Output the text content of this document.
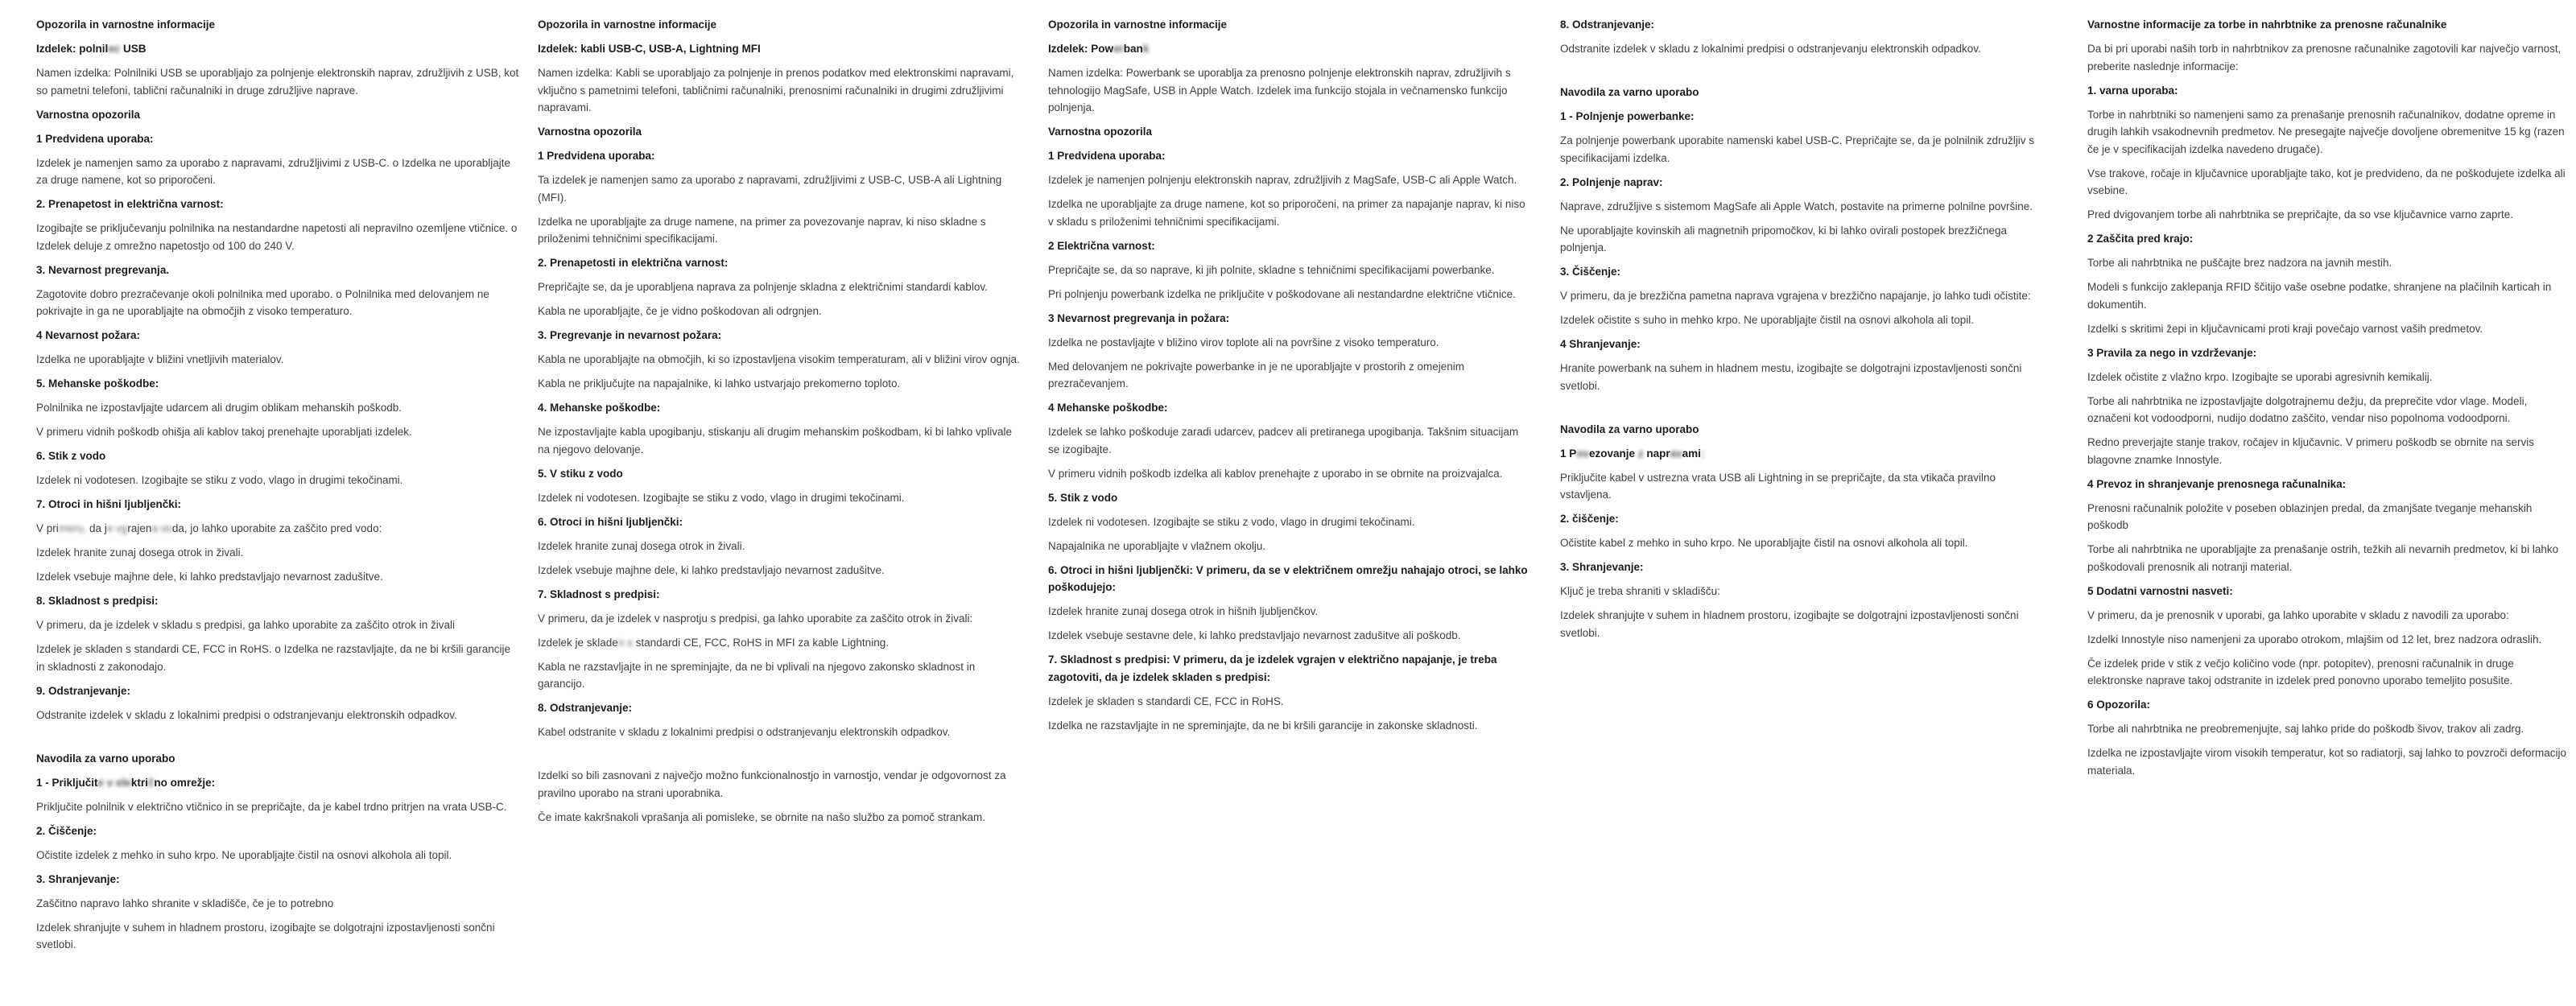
Opozorila in varnostne informacije
Izdelek: polnilec USB

Namen izdelka: Polnilniki USB se uporabljajo za polnjenje elektronskih naprav, združljivih z USB, kot so pametni telefoni, tablični računalniki in druge združljive naprave.

Varnostna opozorila
1 Predvidena uporaba:

Izdelek je namenjen samo za uporabo z napravami, združljivimi z USB-C. o Izdelka ne uporabljajte za druge namene, kot so priporočeni.

2. Prenapetost in električna varnost:

Izogibajte se priključevanju polnilnika na nestandardne napetosti ali nepravilno ozemljene vtičnice. o Izdelek deluje z omrežno napetostjo od 100 do 240 V.

3. Nevarnost pregrevanja.

Zagotovite dobro prezračevanje okoli polnilnika med uporabo. o Polnilnika med delovanjem ne pokrivajte in ga ne uporabljajte na območjih z visoko temperaturo.

4 Nevarnost požara:

Izdelka ne uporabljajte v bližini vnetljivih materialov.

5. Mehanske poškodbe:

Polnilnika ne izpostavljajte udarcem ali drugim oblikam mehanskih poškodb.

V primeru vidnih poškodb ohišja ali kablov takoj prenehajte uporabljati izdelek.

6. Stik z vodo

Izdelek ni vodotesen. Izogibajte se stiku z vodo, vlago in drugimi tekočinami.

7. Otroci in hišni ljubljenčki:

V primeru, da je vgrajena voda, jo lahko uporabite za zaščito pred vodo:

Izdelek hranite zunaj dosega otrok in živali.

Izdelek vsebuje majhne dele, ki lahko predstavljajo nevarnost zadušitve.

8. Skladnost s predpisi:

V primeru, da je izdelek v skladu s predpisi, ga lahko uporabite za zaščito otrok in živali

Izdelek je skladen s standardi CE, FCC in RoHS. o Izdelka ne razstavljajte, da ne bi kršili garancije in skladnosti z zakonodajo.

9. Odstranjevanje:

Odstranite izdelek v skladu z lokalnimi predpisi o odstranjevanju elektronskih odpadkov.

Navodila za varno uporabo
1 - Priključite v električno omrežje:

Priključite polnilnik v električno vtičnico in se prepričajte, da je kabel trdno pritrjen na vrata USB-C.

2. Čiščenje:

Očistite izdelek z mehko in suho krpo. Ne uporabljajte čistil na osnovi alkohola ali topil.

3. Shranjevanje:

Zaščitno napravo lahko shranite v skladišče, če je to potrebno

Izdelek shranjujte v suhem in hladnem prostoru, izogibajte se dolgotrajni izpostavljenosti sončni svetlobi.

Opozorila in varnostne informacije
Izdelek: kabli USB-C, USB-A, Lightning MFI

Namen izdelka: Kabli se uporabljajo za polnjenje in prenos podatkov med elektronskimi napravami, vključno s pametnimi telefoni, tabličnimi računalniki, prenosnimi računalniki in drugimi združljivimi napravami.

Varnostna opozorila
1 Predvidena uporaba:

Ta izdelek je namenjen samo za uporabo z napravami, združljivimi z USB-C, USB-A ali Lightning (MFI).

Izdelka ne uporabljajte za druge namene, na primer za povezovanje naprav, ki niso skladne s priloženimi tehničnimi specifikacijami.

2. Prenapetosti in električna varnost:

Prepričajte se, da je uporabljena naprava za polnjenje skladna z električnimi standardi kablov.

Kabla ne uporabljajte, če je vidno poškodovan ali odrgnjen.

3. Pregrevanje in nevarnost požara:

Kabla ne uporabljajte na območjih, ki so izpostavljena visokim temperaturam, ali v bližini virov ognja.

Kabla ne priključujte na napajalnike, ki lahko ustvarjajo prekomerno toploto.

4. Mehanske poškodbe:

Ne izpostavljajte kabla upogibanju, stiskanju ali drugim mehanskim poškodbam, ki bi lahko vplivale na njegovo delovanje.

5. V stiku z vodo

Izdelek ni vodotesen. Izogibajte se stiku z vodo, vlago in drugimi tekočinami.

6. Otroci in hišni ljubljenčki:

Izdelek hranite zunaj dosega otrok in živali.

Izdelek vsebuje majhne dele, ki lahko predstavljajo nevarnost zadušitve.

7. Skladnost s predpisi:

V primeru, da je izdelek v nasprotju s predpisi, ga lahko uporabite za zaščito otrok in živali:

Izdelek je skladen s standardi CE, FCC, RoHS in MFI za kable Lightning.

Kabla ne razstavljajte in ne spreminjajte, da ne bi vplivali na njegovo zakonsko skladnost in garancijo.

8. Odstranjevanje:

Kabel odstranite v skladu z lokalnimi predpisi o odstranjevanju elektronskih odpadkov.

Izdelki so bili zasnovani z največjo možno funkcionalnostjo in varnostjo, vendar je odgovornost za pravilno uporabo na strani uporabnika.

Če imate kakršnakoli vprašanja ali pomisleke, se obrnite na našo službo za pomoč strankam.

Opozorila in varnostne informacije
Izdelek: Powerbank

Namen izdelka: Powerbank se uporablja za prenosno polnjenje elektronskih naprav, združljivih s tehnologijo MagSafe, USB in Apple Watch. Izdelek ima funkcijo stojala in večnamensko funkcijo polnjenja.

Varnostna opozorila
1 Predvidena uporaba:

Izdelek je namenjen polnjenju elektronskih naprav, združljivih z MagSafe, USB-C ali Apple Watch.

Izdelka ne uporabljajte za druge namene, kot so priporočeni, na primer za napajanje naprav, ki niso v skladu s priloženimi tehničnimi specifikacijami.

2 Električna varnost:

Prepričajte se, da so naprave, ki jih polnite, skladne s tehničnimi specifikacijami powerbanke.

Pri polnjenju powerbank izdelka ne priključite v poškodovane ali nestandardne električne vtičnice.

3 Nevarnost pregrevanja in požara:

Izdelka ne postavljajte v bližino virov toplote ali na površine z visoko temperaturo.

Med delovanjem ne pokrivajte powerbanke in je ne uporabljajte v prostorih z omejenim prezračevanjem.

4 Mehanske poškodbe:

Izdelek se lahko poškoduje zaradi udarcev, padcev ali pretiranega upogibanja. Takšnim situacijam se izogibajte.

V primeru vidnih poškodb izdelka ali kablov prenehajte z uporabo in se obrnite na proizvajalca.

5. Stik z vodo

Izdelek ni vodotesen. Izogibajte se stiku z vodo, vlago in drugimi tekočinami.

Napajalnika ne uporabljajte v vlažnem okolju.

6. Otroci in hišni ljubljenčki: V primeru, da se v električnem omrežju nahajajo otroci, se lahko poškodujejo:

Izdelek hranite zunaj dosega otrok in hišnih ljubljenčkov.

Izdelek vsebuje sestavne dele, ki lahko predstavljajo nevarnost zadušitve ali poškodb.

7. Skladnost s predpisi: V primeru, da je izdelek vgrajen v električno napajanje, je treba zagotoviti, da je izdelek skladen s predpisi:

Izdelek je skladen s standardi CE, FCC in RoHS.

Izdelka ne razstavljajte in ne spreminjajte, da ne bi kršili garancije in zakonske skladnosti.

8. Odstranjevanje:

Odstranite izdelek v skladu z lokalnimi predpisi o odstranjevanju elektronskih odpadkov.

Navodila za varno uporabo
1 - Polnjenje powerbanke:

Za polnjenje powerbank uporabite namenski kabel USB-C. Prepričajte se, da je polnilnik združljiv s specifikacijami izdelka.

2. Polnjenje naprav:

Naprave, združljive s sistemom MagSafe ali Apple Watch, postavite na primerne polnilne površine.

Ne uporabljajte kovinskih ali magnetnih pripomočkov, ki bi lahko ovirali postopek brezžičnega polnjenja.

3. Čiščenje:

V primeru, da je brezžična pametna naprava vgrajena v brezžično napajanje, jo lahko tudi očistite:

Izdelek očistite s suho in mehko krpo. Ne uporabljajte čistil na osnovi alkohola ali topil.

4 Shranjevanje:

Hranite powerbank na suhem in hladnem mestu, izogibajte se dolgotrajni izpostavljenosti sončni svetlobi.

Navodila za varno uporabo
1 Povezovanje z napravami:

Priključite kabel v ustrezna vrata USB ali Lightning in se prepričajte, da sta vtikača pravilno vstavljena.

2. čiščenje:

Očistite kabel z mehko in suho krpo. Ne uporabljajte čistil na osnovi alkohola ali topil.

3. Shranjevanje:

Ključ je treba shraniti v skladišču:

Izdelek shranjujte v suhem in hladnem prostoru, izogibajte se dolgotrajni izpostavljenosti sončni svetlobi.

Varnostne informacije za torbe in nahrbtnike za prenosne računalnike

Da bi pri uporabi naših torb in nahrbtnikov za prenosne računalnike zagotovili kar največjo varnost, preberite naslednje informacije:

1. varna uporaba:

Torbe in nahrbtniki so namenjeni samo za prenašanje prenosnih računalnikov, dodatne opreme in drugih lahkih vsakodnevnih predmetov. Ne presegajte največje dovoljene obremenitve 15 kg (razen če je v specifikacijah izdelka navedeno drugače).

Vse trakove, ročaje in ključavnice uporabljajte tako, kot je predvideno, da ne poškodujete izdelka ali vsebine.

Pred dvigovanjem torbe ali nahrbtnika se prepričajte, da so vse ključavnice varno zaprte.

2 Zaščita pred krajo:

Torbe ali nahrbtnika ne puščajte brez nadzora na javnih mestih.

Modeli s funkcijo zaklepanja RFID ščitijo vaše osebne podatke, shranjene na plačilnih karticah in dokumentih.

Izdelki s skritimi žepi in ključavnicami proti kraji povečajo varnost vaših predmetov.

3 Pravila za nego in vzdrževanje:

Izdelek očistite z vlažno krpo. Izogibajte se uporabi agresivnih kemikalij.

Torbe ali nahrbtnika ne izpostavljajte dolgotrajnemu dežju, da preprečite vdor vlage. Modeli, označeni kot vodoodporni, nudijo dodatno zaščito, vendar niso popolnoma vodoodporni.

Redno preverjajte stanje trakov, ročajev in ključavnic. V primeru poškodb se obrnite na servis blagovne znamke Innostyle.

4 Prevoz in shranjevanje prenosnega računalnika:

Prenosni računalnik položite v poseben oblazinjen predal, da zmanjšate tveganje mehanskih poškodb

Torbe ali nahrbtnika ne uporabljajte za prenašanje ostrih, težkih ali nevarnih predmetov, ki bi lahko poškodovali prenosnik ali notranji material.

5 Dodatni varnostni nasveti:

V primeru, da je prenosnik v uporabi, ga lahko uporabite v skladu z navodili za uporabo:

Izdelki Innostyle niso namenjeni za uporabo otrokom, mlajšim od 12 let, brez nadzora odraslih.

Če izdelek pride v stik z večjo količino vode (npr. potopitev), prenosni računalnik in druge elektronske naprave takoj odstranite in izdelek pred ponovno uporabo temeljito posušite.

6 Opozorila:

Torbe ali nahrbtnika ne preobremenjujte, saj lahko pride do poškodb šivov, trakov ali zadrg.

Izdelka ne izpostavljajte virom visokih temperatur, kot so radiatorji, saj lahko to povzroči deformacijo materiala.
